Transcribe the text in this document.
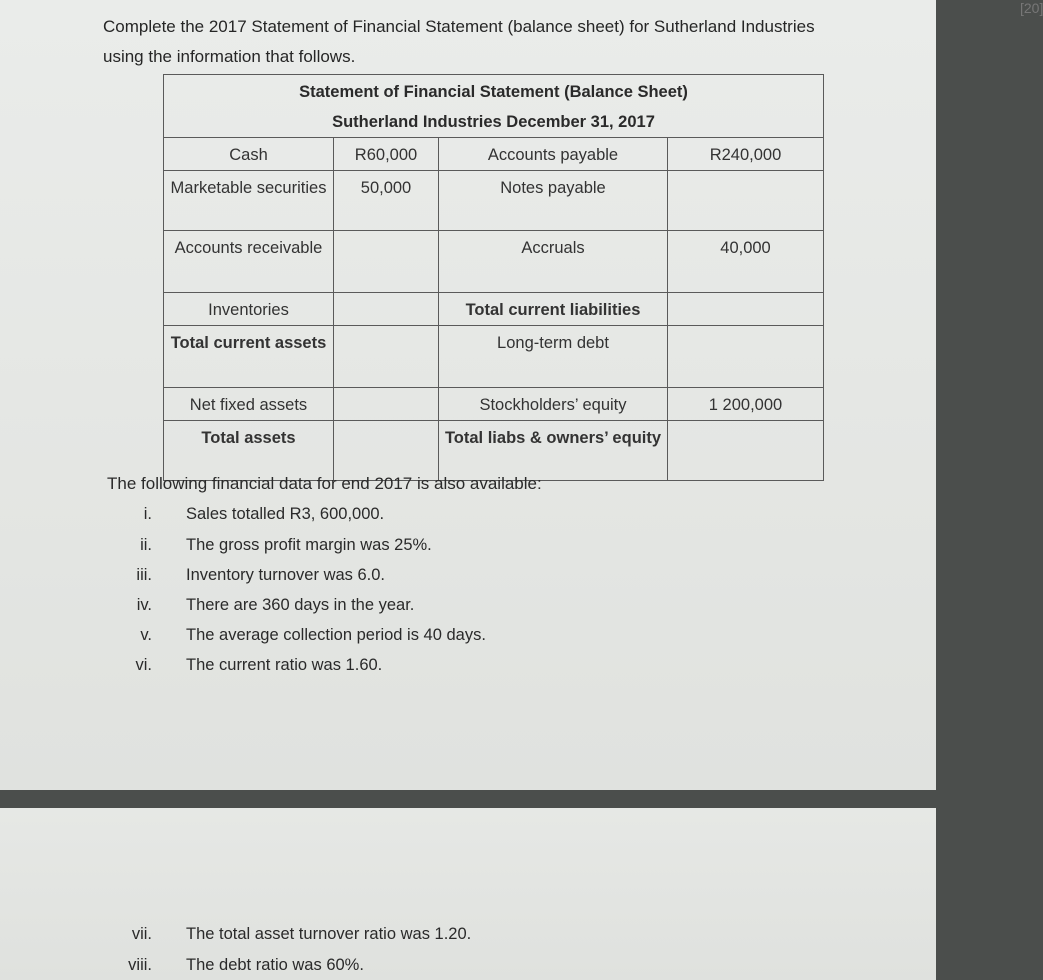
[20]
Complete the 2017 Statement of Financial Statement (balance sheet) for Sutherland Industries using the information that follows.
Statement of Financial Statement (Balance Sheet)
Sutherland Industries December 31, 2017			

Cash	R60,000	Accounts payable	R240,000
Marketable securities	50,000	Notes payable	
Accounts receivable		Accruals	40,000
Inventories		Total current liabilities	
Total current assets		Long-term debt	
Net fixed assets		Stockholders’ equity	1 200,000
Total assets		Total liabs & owners’ equity	
The following financial data for end 2017 is also available:
i. Sales totalled R3, 600,000.
ii. The gross profit margin was 25%.
iii. Inventory turnover was 6.0.
iv. There are 360 days in the year.
v. The average collection period is 40 days.
vi. The current ratio was 1.60.
vii. The total asset turnover ratio was 1.20.
viii. The debt ratio was 60%.
